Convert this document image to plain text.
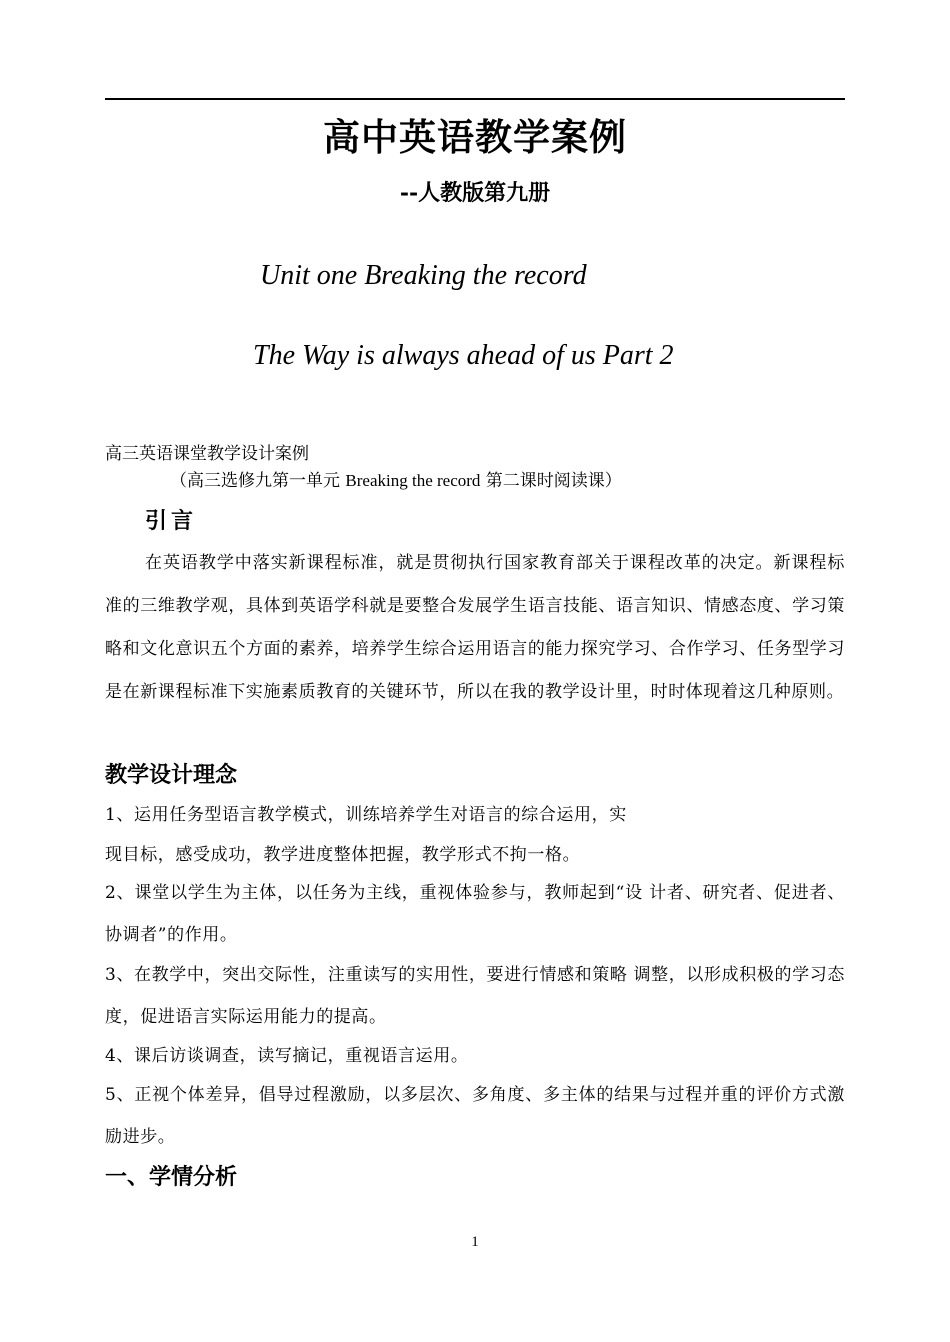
高中英语教学案例
--人教版第九册
Unit one Breaking the record
The Way is always ahead of us Part 2
高三英语课堂教学设计案例
（高三选修九第一单元 Breaking the record 第二课时阅读课）
引言
在英语教学中落实新课程标准，就是贯彻执行国家教育部关于课程改革的决定。新课程标准的三维教学观，具体到英语学科就是要整合发展学生语言技能、语言知识、情感态度、学习策略和文化意识五个方面的素养，培养学生综合运用语言的能力探究学习、合作学习、任务型学习是在新课程标准下实施素质教育的关键环节，所以在我的教学设计里，时时体现着这几种原则。
教学设计理念
1、运用任务型语言教学模式，训练培养学生对语言的综合运用，实
现目标，感受成功，教学进度整体把握，教学形式不拘一格。
2、课堂以学生为主体，以任务为主线，重视体验参与，教师起到“设 计者、研究者、促进者、协调者”的作用。
3、在教学中，突出交际性，注重读写的实用性，要进行情感和策略 调整，以形成积极的学习态度，促进语言实际运用能力的提高。
4、课后访谈调查，读写摘记，重视语言运用。
5、正视个体差异，倡导过程激励，以多层次、多角度、多主体的结果与过程并重的评价方式激励进步。
一、学情分析
1
